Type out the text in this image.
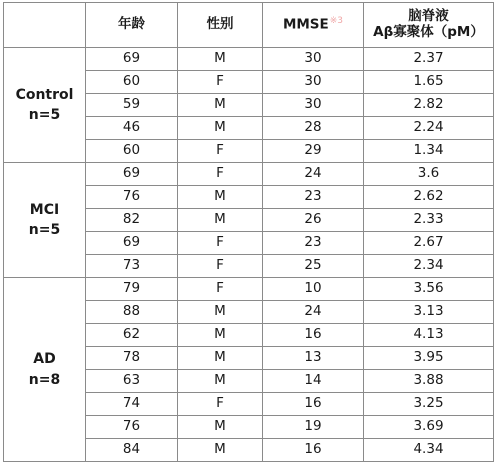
	年龄	性别	MMSE$^{※3}$	脑脊液
Aβ寡聚体（pM）

Control
n=5	69	M	30	2.37
	60	F	30	1.65
	59	M	30	2.82
	46	M	28	2.24
	60	F	29	1.34

MCI
n=5	69	F	24	3.6
	76	M	23	2.62
	82	M	26	2.33
	69	F	23	2.67
	73	F	25	2.34

AD
n=8	79	F	10	3.56
	88	M	24	3.13
	62	M	16	4.13
	78	M	13	3.95
	63	M	14	3.88
	74	F	16	3.25
	76	M	19	3.69
	84	M	16	4.34
